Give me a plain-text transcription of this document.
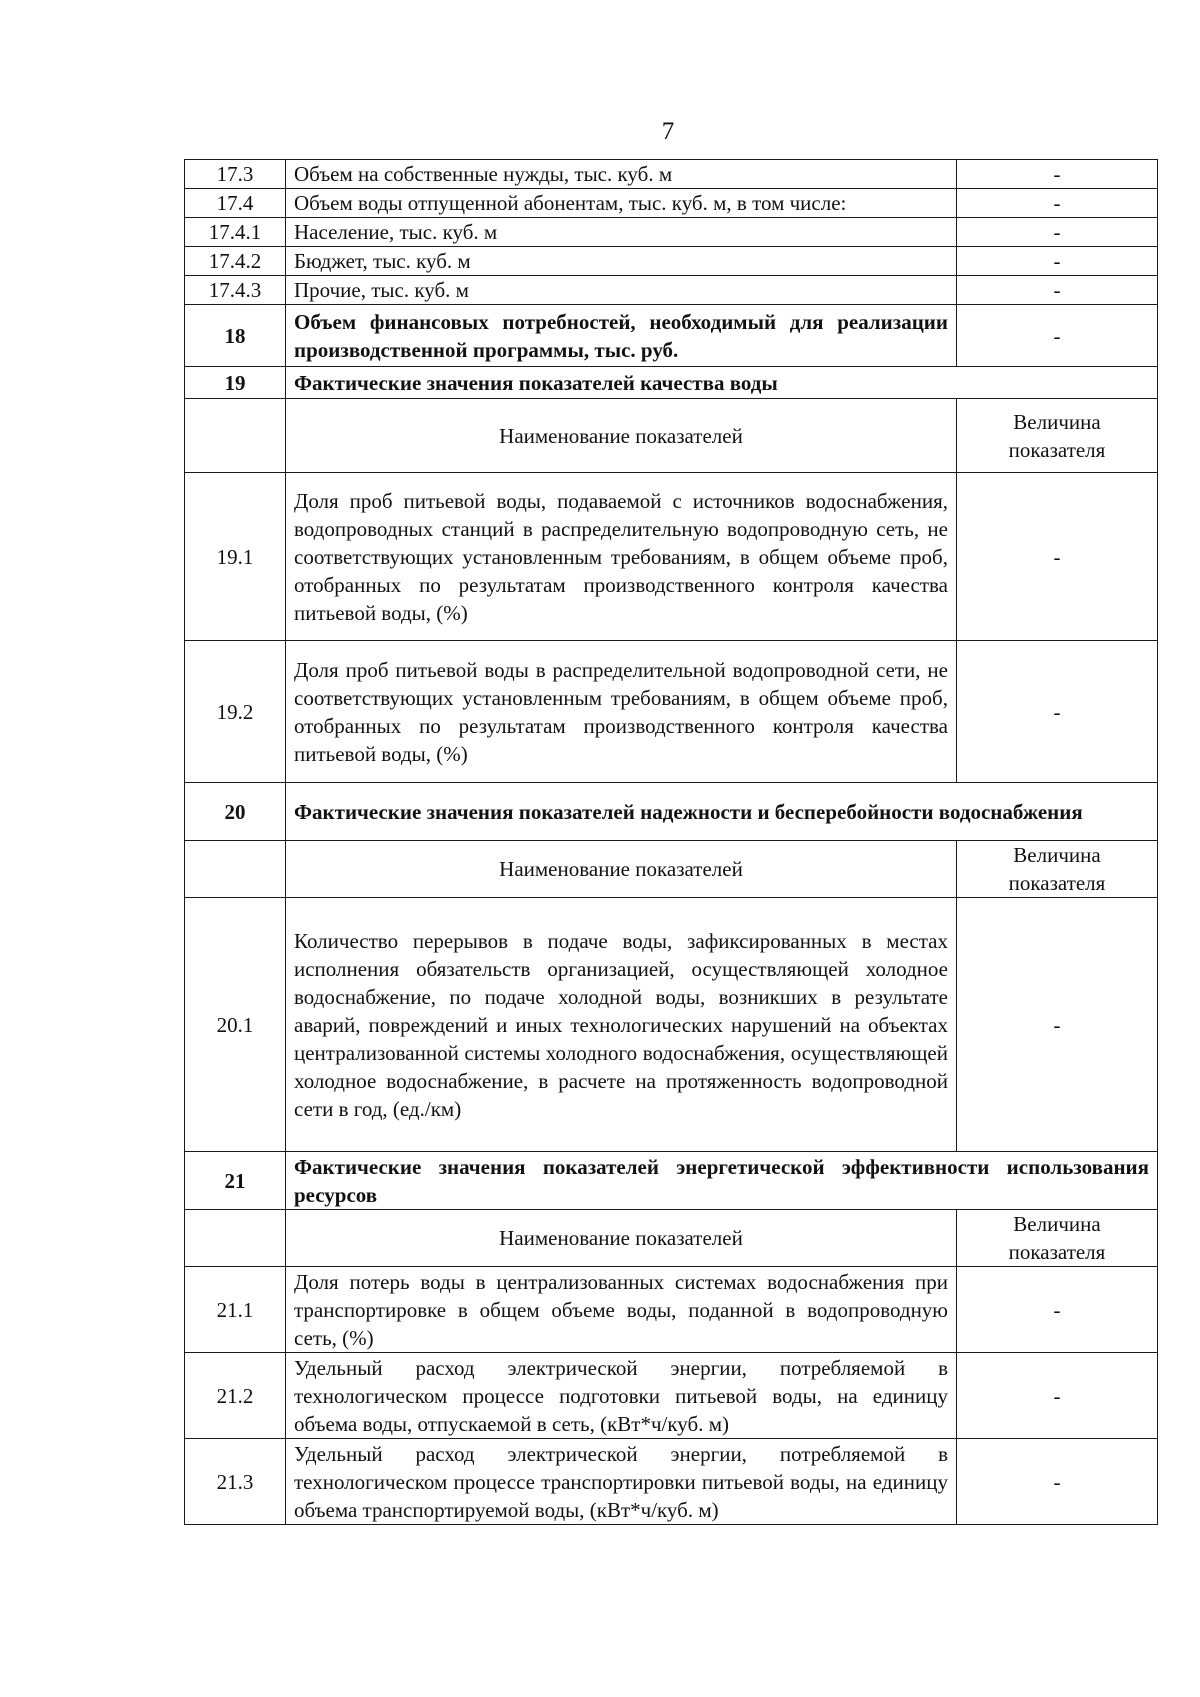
7
17.3	Объем на собственные нужды, тыс. куб. м	-
17.4	Объем воды отпущенной абонентам, тыс. куб. м, в том числе:	-
17.4.1	Население, тыс. куб. м	-
17.4.2	Бюджет, тыс. куб. м	-
17.4.3	Прочие, тыс. куб. м	-
18	Объем финансовых потребностей, необходимый для реализации производственной программы, тыс. руб.	-
19	Фактические значения показателей качества воды	
	Наименование показателей	Величина показателя
19.1	Доля проб питьевой воды, подаваемой с источников водоснабжения, водопроводных станций в распределительную водопроводную сеть, не соответствующих установленным требованиям, в общем объеме проб, отобранных по результатам производственного контроля качества питьевой воды, (%)	-
19.2	Доля проб питьевой воды в распределительной водопроводной сети, не соответствующих установленным требованиям, в общем объеме проб, отобранных по результатам производственного контроля качества питьевой воды, (%)	-
20	Фактические значения показателей надежности и бесперебойности водоснабжения	
	Наименование показателей	Величина показателя
20.1	Количество перерывов в подаче воды, зафиксированных в местах исполнения обязательств организацией, осуществляющей холодное водоснабжение, по подаче холодной воды, возникших в результате аварий, повреждений и иных технологических нарушений на объектах централизованной системы холодного водоснабжения, осуществляющей холодное водоснабжение, в расчете на протяженность водопроводной сети в год, (ед./км)	-
21	Фактические значения показателей энергетической эффективности использования ресурсов	
	Наименование показателей	Величина показателя
21.1	Доля потерь воды в централизованных системах водоснабжения при транспортировке в общем объеме воды, поданной в водопроводную сеть, (%)	-
21.2	Удельный расход электрической энергии, потребляемой в технологическом процессе подготовки питьевой воды, на единицу объема воды, отпускаемой в сеть, (кВт*ч/куб. м)	-
21.3	Удельный расход электрической энергии, потребляемой в технологическом процессе транспортировки питьевой воды, на единицу объема транспортируемой воды, (кВт*ч/куб. м)	-
